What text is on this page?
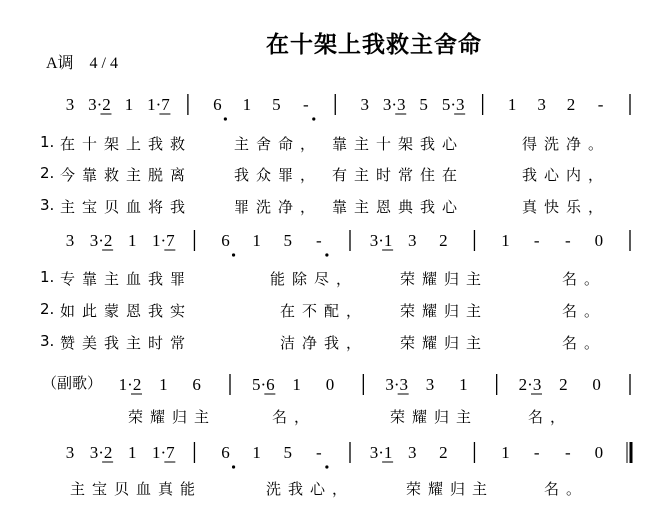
在十架上我救主舍命
A调　4 / 4
3 3·2 1 1·7	6 1 5 -	3 3·3 5 5·3	1 3 2 -
3 3·2 1 1·7	6 1 5 -	3·1 3 2	1 - - 0
1·2 1 6	5·6 1 0	3·3 3 1	2·3 2 0
3 3·2 1 1·7	6 1 5 -	3·1 3 2	1 - - 0
1. 在十架上我救	主舍命， 靠主十架我心	得洗净。
2. 今靠救主脱离	我众罪， 有主时常住在	我心内，
3. 主宝贝血将我	罪洗净， 靠主恩典我心	真快乐，
1. 专靠主血我罪	能除尽，	荣耀归主	名。
2. 如此蒙恩我实	在不配， 荣耀归主	名。
3. 赞美我主时常	洁净我， 荣耀归主	名。
（副歌）
荣耀归主	名，	荣耀归主	名，
主宝贝血真能	洗我心，	荣耀归主	名。
